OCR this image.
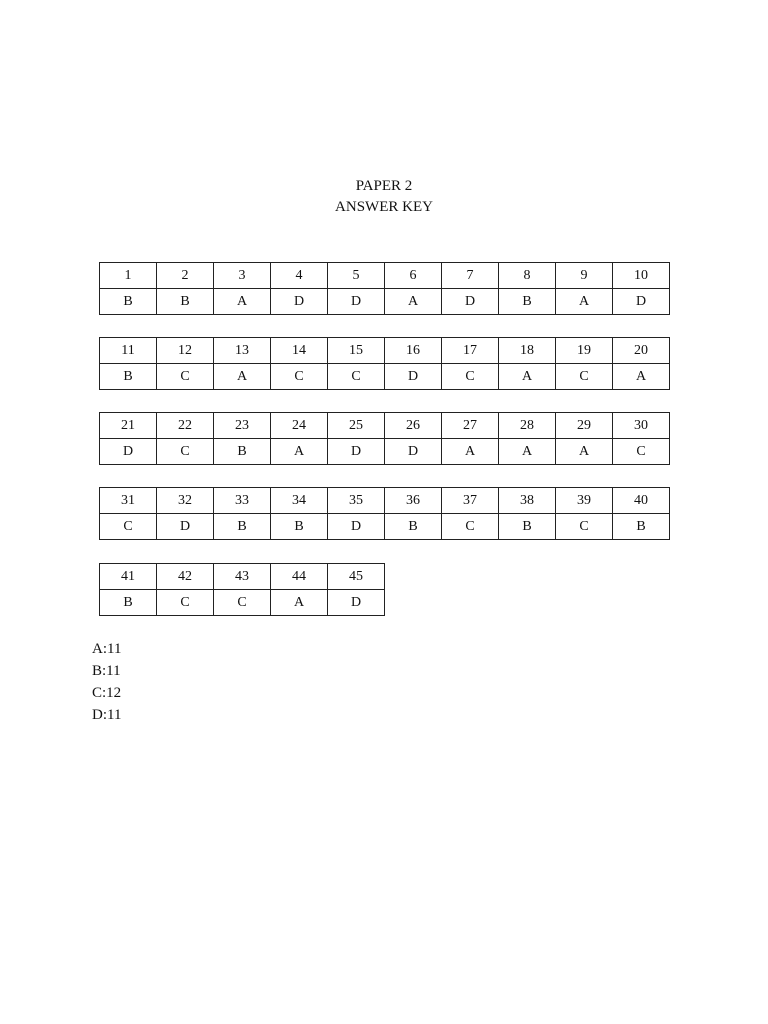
PAPER 2
ANSWER KEY
1	2	3	4	5	6	7	8	9	10
B	B	A	D	D	A	D	B	A	D
11	12	13	14	15	16	17	18	19	20
B	C	A	C	C	D	C	A	C	A
21	22	23	24	25	26	27	28	29	30
D	C	B	A	D	D	A	A	A	C
31	32	33	34	35	36	37	38	39	40
C	D	B	B	D	B	C	B	C	B
41	42	43	44	45
B	C	C	A	D
A:11
B:11
C:12
D:11
